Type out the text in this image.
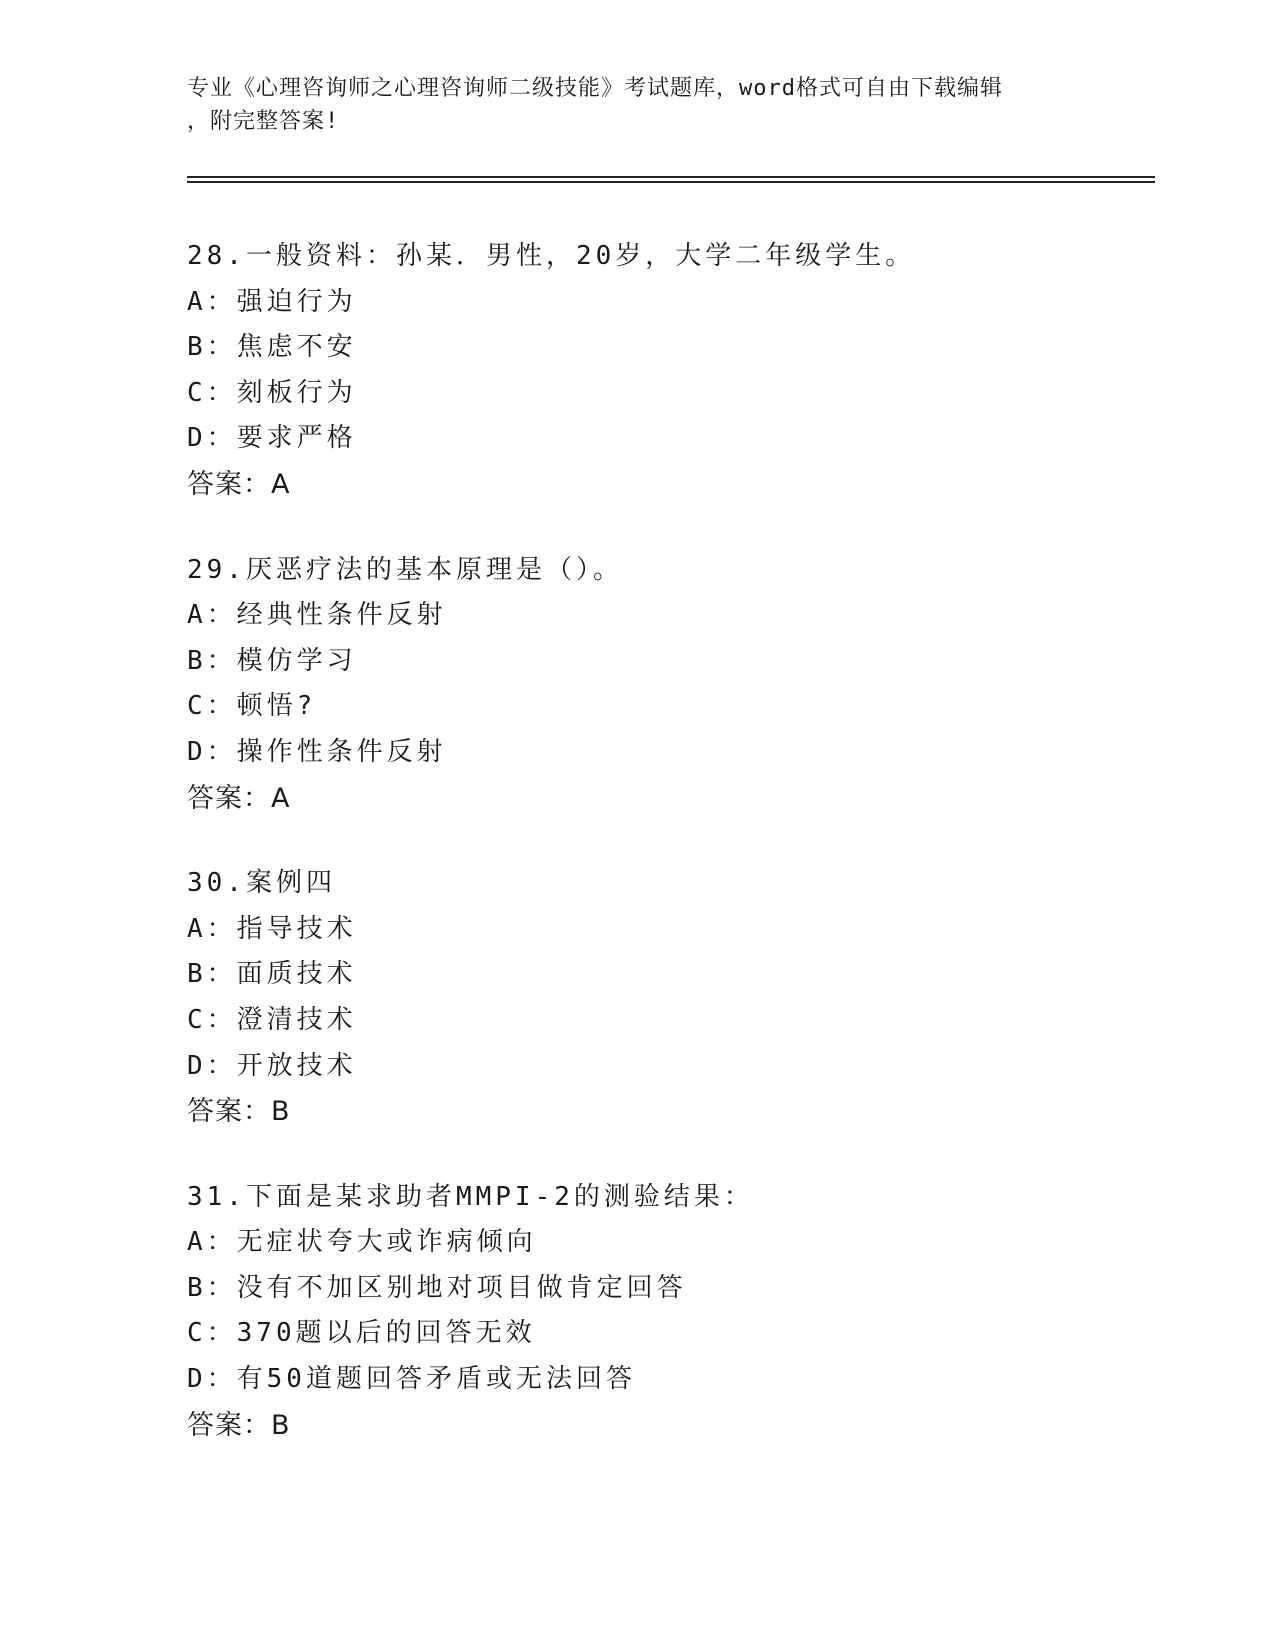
专业《心理咨询师之心理咨询师二级技能》考试题库，word格式可自由下载编辑
，附完整答案!
28.一般资料：孙某．男性，20岁，大学二年级学生。
A：强迫行为
B：焦虑不安
C：刻板行为
D：要求严格
答案：A
29.厌恶疗法的基本原理是（）。
A：经典性条件反射
B：模仿学习
C：顿悟?
D：操作性条件反射
答案：A
30.案例四
A：指导技术
B：面质技术
C：澄清技术
D：开放技术
答案：B
31.下面是某求助者MMPI-2的测验结果：
A：无症状夸大或诈病倾向
B：没有不加区别地对项目做肯定回答
C：370题以后的回答无效
D：有50道题回答矛盾或无法回答
答案：B
